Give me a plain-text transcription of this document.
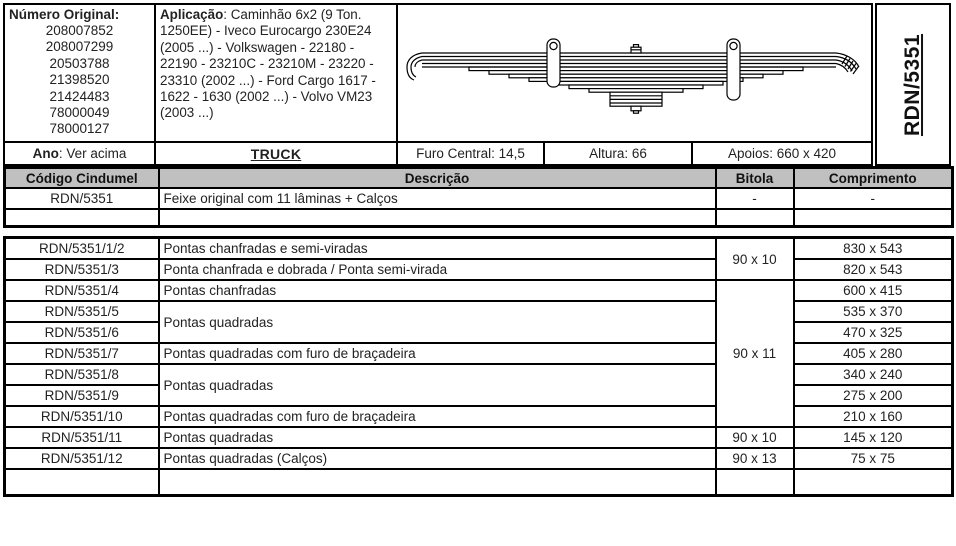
Número Original:
208007852
208007299
20503788
21398520
21424483
78000049
78000127
Aplicação: Caminhão 6x2 (9 Ton. 1250EE) - Iveco Eurocargo 230E24 (2005 ...) - Volkswagen - 22180 - 22190 - 23210C - 23210M - 23220 - 23310 (2002 ...) - Ford Cargo 1617 - 1622 - 1630 (2002 ...) - Volvo VM23 (2003 ...)
Ano : Ver acima	TRUCK	Furo Central: 14,5	Altura: 66	Apoios: 660 x 420
RDN/5351
Código Cindumel	Descrição	Bitola	Comprimento
RDN/5351	Feixe original com 11 lâminas + Calços	-	-

RDN/5351/1/2	Pontas chanfradas e semi-viradas	90 x 10	830 x 543
RDN/5351/3	Ponta chanfrada e dobrada / Ponta semi-virada		820 x 543
RDN/5351/4	Pontas chanfradas	90 x 11	600 x 415
RDN/5351/5	Pontas quadradas		535 x 370
RDN/5351/6			470 x 325
RDN/5351/7	Pontas quadradas com furo de braçadeira		405 x 280
RDN/5351/8	Pontas quadradas		340 x 240
RDN/5351/9			275 x 200
RDN/5351/10	Pontas quadradas com furo de braçadeira		210 x 160
RDN/5351/11	Pontas quadradas	90 x 10	145 x 120
RDN/5351/12	Pontas quadradas (Calços)	90 x 13	75 x 75
